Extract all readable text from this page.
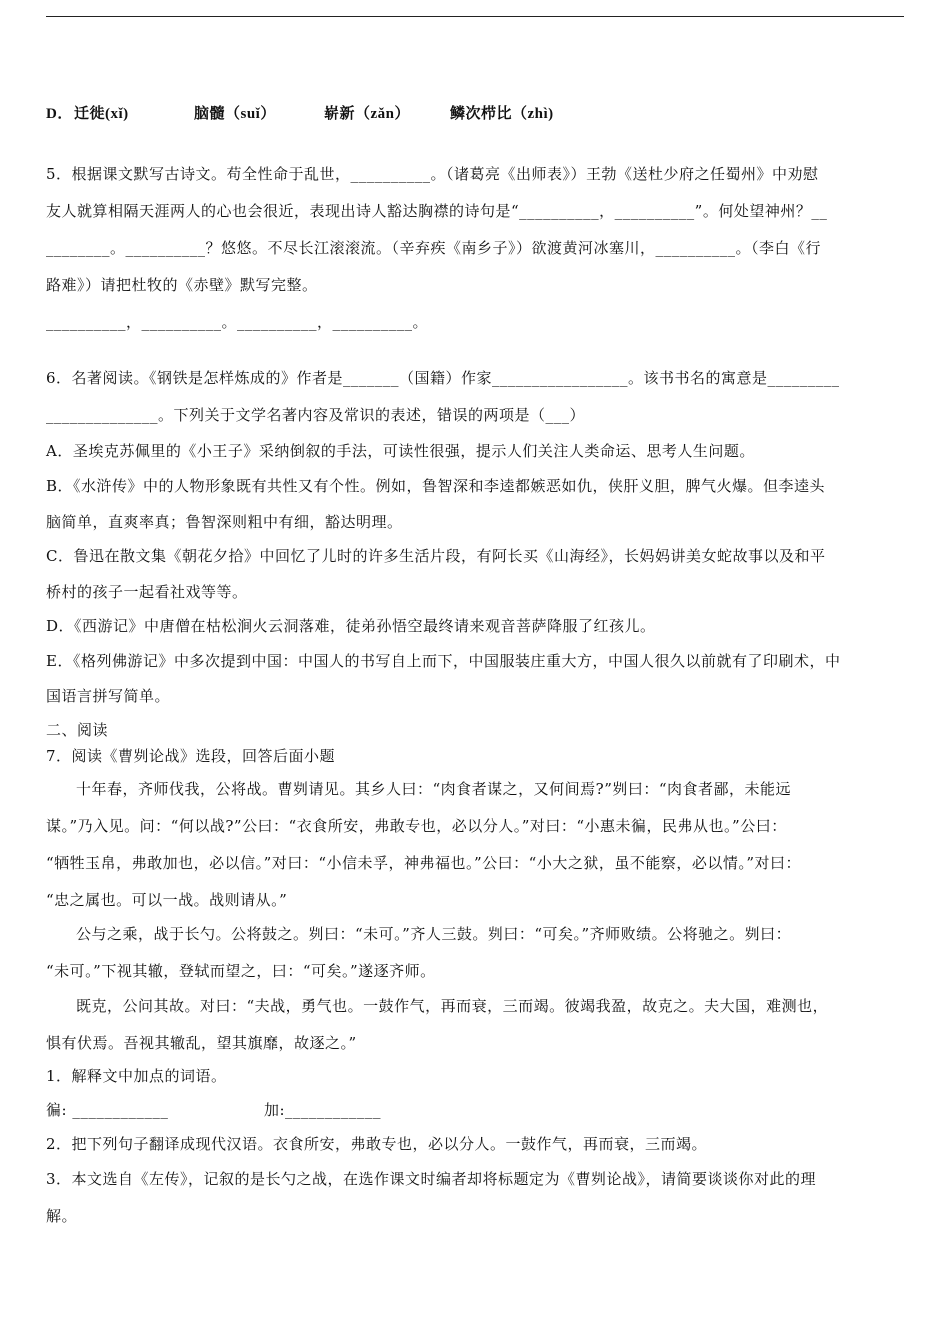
D． 迁徙(xǐ)	脑髓（suǐ）	崭新（zǎn）	鳞次栉比（zhì)
5．根据课文默写古诗文。苟全性命于乱世，__________。（诸葛亮《出师表》）王勃《送杜少府之任蜀州》中劝慰
友人就算相隔天涯两人的心也会很近，表现出诗人豁达胸襟的诗句是“__________，__________”。何处望神州？__
________。__________？悠悠。不尽长江滚滚流。（辛弃疾《南乡子》）欲渡黄河冰塞川，__________。（李白《行
路难》）请把杜牧的《赤壁》默写完整。
__________，__________。__________，__________。
6．名著阅读。《钢铁是怎样炼成的》作者是_______（国籍）作家_________________。该书书名的寓意是_________
______________。下列关于文学名著内容及常识的表述，错误的两项是（___）
A．圣埃克苏佩里的《小王子》采纳倒叙的手法，可读性很强，提示人们关注人类命运、思考人生问题。
B．《水浒传》中的人物形象既有共性又有个性。例如，鲁智深和李逵都嫉恶如仇，侠肝义胆，脾气火爆。但李逵头
脑简单，直爽率真；鲁智深则粗中有细，豁达明理。
C．鲁迅在散文集《朝花夕拾》中回忆了儿时的许多生活片段，有阿长买《山海经》，长妈妈讲美女蛇故事以及和平
桥村的孩子一起看社戏等等。
D．《西游记》中唐僧在枯松涧火云洞落难，徒弟孙悟空最终请来观音菩萨降服了红孩儿。
E．《格列佛游记》中多次提到中国：中国人的书写自上而下，中国服装庄重大方，中国人很久以前就有了印刷术，中
国语言拼写简单。
二、阅读
7．阅读《曹刿论战》选段，回答后面小题
十年春，齐师伐我，公将战。曹刿请见。其乡人曰：“肉食者谋之，又何间焉?”刿曰：“肉食者鄙，未能远
谋。”乃入见。问：“何以战?”公曰：“衣食所安，弗敢专也，必以分人。”对曰：“小惠未徧，民弗从也。”公曰：
“牺牲玉帛，弗敢加也，必以信。”对曰：“小信未孚，神弗福也。”公曰：“小大之狱，虽不能察，必以情。”对曰：
“忠之属也。可以一战。战则请从。”
公与之乘，战于长勺。公将鼓之。刿曰：“未可。”齐人三鼓。刿曰：“可矣。”齐师败绩。公将驰之。刿曰：
“未可。”下视其辙，登轼而望之，曰：“可矣。”遂逐齐师。
既克，公问其故。对曰：“夫战，勇气也。一鼓作气，再而衰，三而竭。彼竭我盈，故克之。夫大国，难测也，
惧有伏焉。吾视其辙乱，望其旗靡，故逐之。”
1．解释文中加点的词语。
徧: ____________	加:____________
2．把下列句子翻译成现代汉语。衣食所安，弗敢专也，必以分人。一鼓作气，再而衰，三而竭。
3．本文选自《左传》，记叙的是长勺之战，在选作课文时编者却将标题定为《曹刿论战》，请简要谈谈你对此的理
解。
